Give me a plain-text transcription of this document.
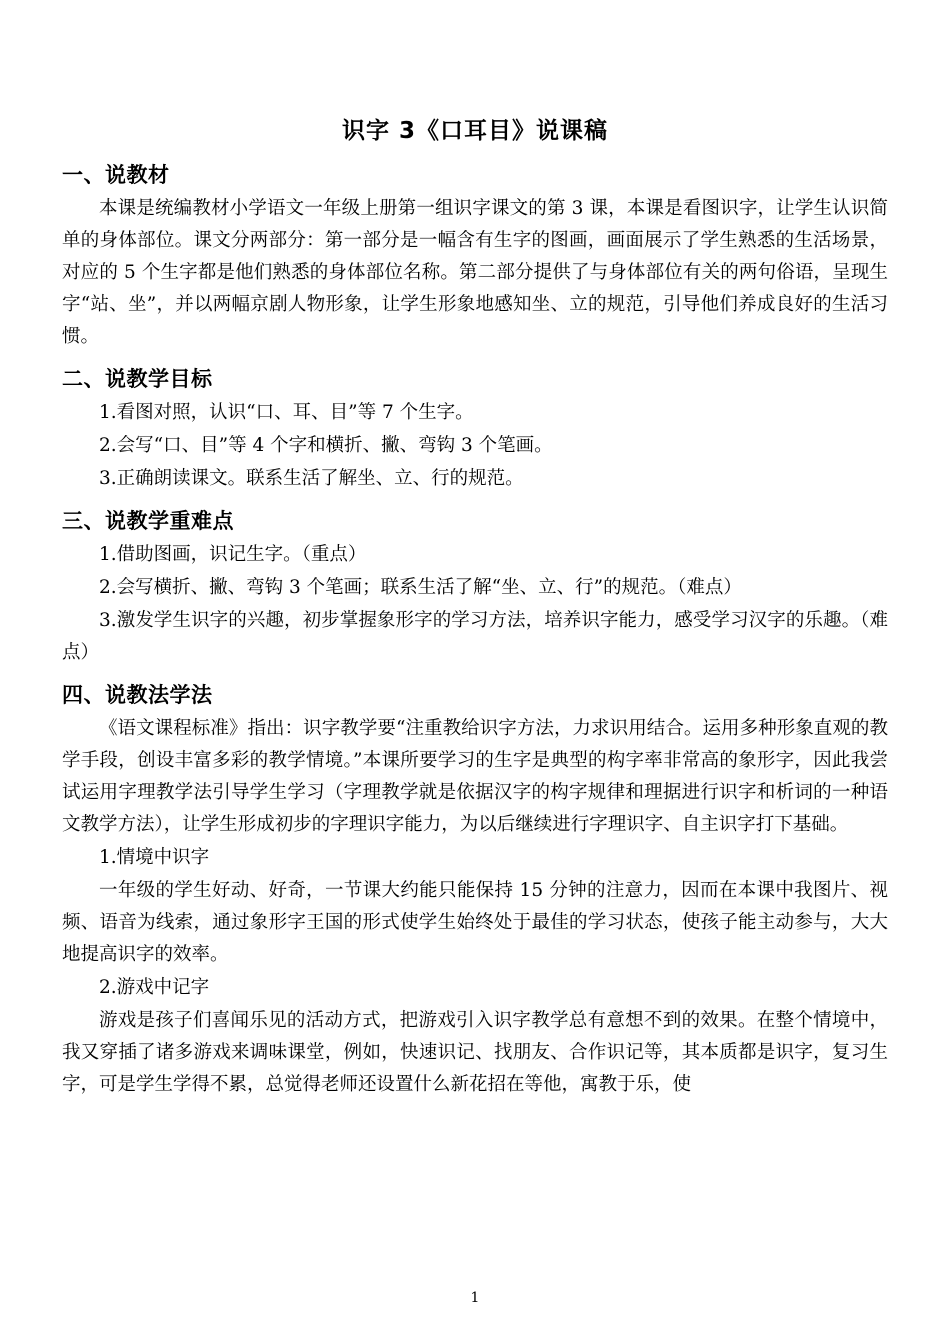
识字 3《口耳目》说课稿
一、说教材

本课是统编教材小学语文一年级上册第一组识字课文的第 3 课，本课是看图识字，让学生认识简单的身体部位。课文分两部分：第一部分是一幅含有生字的图画，画面展示了学生熟悉的生活场景，对应的 5 个生字都是他们熟悉的身体部位名称。第二部分提供了与身体部位有关的两句俗语，呈现生字“站、坐”，并以两幅京剧人物形象，让学生形象地感知坐、立的规范，引导他们养成良好的生活习惯。

二、说教学目标

1.看图对照，认识“口、耳、目”等 7 个生字。

2.会写“口、目”等 4 个字和横折、撇、弯钩 3 个笔画。

3.正确朗读课文。联系生活了解坐、立、行的规范。

三、说教学重难点

1.借助图画，识记生字。（重点）

2.会写横折、撇、弯钩 3 个笔画；联系生活了解“坐、立、行”的规范。（难点）

3.激发学生识字的兴趣，初步掌握象形字的学习方法，培养识字能力，感受学习汉字的乐趣。（难点）

四、说教法学法

《语文课程标准》指出：识字教学要“注重教给识字方法，力求识用结合。运用多种形象直观的教学手段，创设丰富多彩的教学情境。”本课所要学习的生字是典型的构字率非常高的象形字，因此我尝试运用字理教学法引导学生学习（字理教学就是依据汉字的构字规律和理据进行识字和析词的一种语文教学方法），让学生形成初步的字理识字能力，为以后继续进行字理识字、自主识字打下基础。

1.情境中识字

一年级的学生好动、好奇，一节课大约能只能保持 15 分钟的注意力，因而在本课中我图片、视频、语音为线索，通过象形字王国的形式使学生始终处于最佳的学习状态，使孩子能主动参与，大大地提高识字的效率。

2.游戏中记字

游戏是孩子们喜闻乐见的活动方式，把游戏引入识字教学总有意想不到的效果。在整个情境中，我又穿插了诸多游戏来调味课堂，例如，快速识记、找朋友、合作识记等，其本质都是识字，复习生字，可是学生学得不累，总觉得老师还设置什么新花招在等他，寓教于乐，使

1
